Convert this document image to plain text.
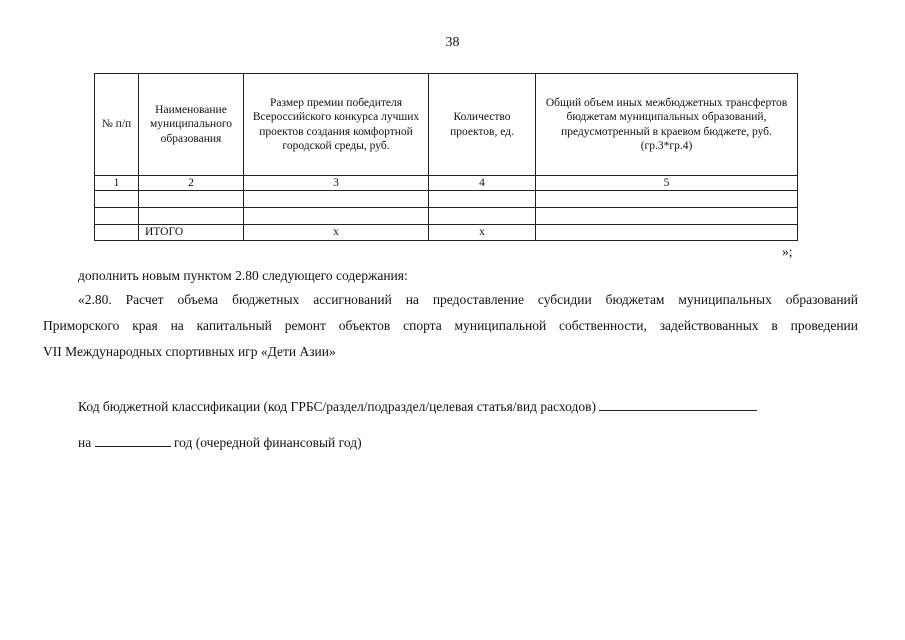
38
№ п/п	Наименование муниципального образования	Размер премии победителя Всероссийского конкурса лучших проектов создания комфортной городской среды, руб.	Количество проектов, ед.	Общий объем иных межбюджетных трансфертов бюджетам муниципальных образований, предусмотренный в краевом бюджете, руб. (гр.3*гр.4)
1	2	3	4	5

	ИТОГО	x	x	
»;
дополнить новым пунктом 2.80 следующего содержания:
«2.80. Расчет объема бюджетных ассигнований на предоставление субсидии бюджетам муниципальных образований
Приморского края на капитальный ремонт объектов спорта муниципальной собственности, задействованных в проведении
VII Международных спортивных игр «Дети Азии»
Код бюджетной классификации (код ГРБС/раздел/подраздел/целевая статья/вид расходов)
на	год (очередной финансовый год)
